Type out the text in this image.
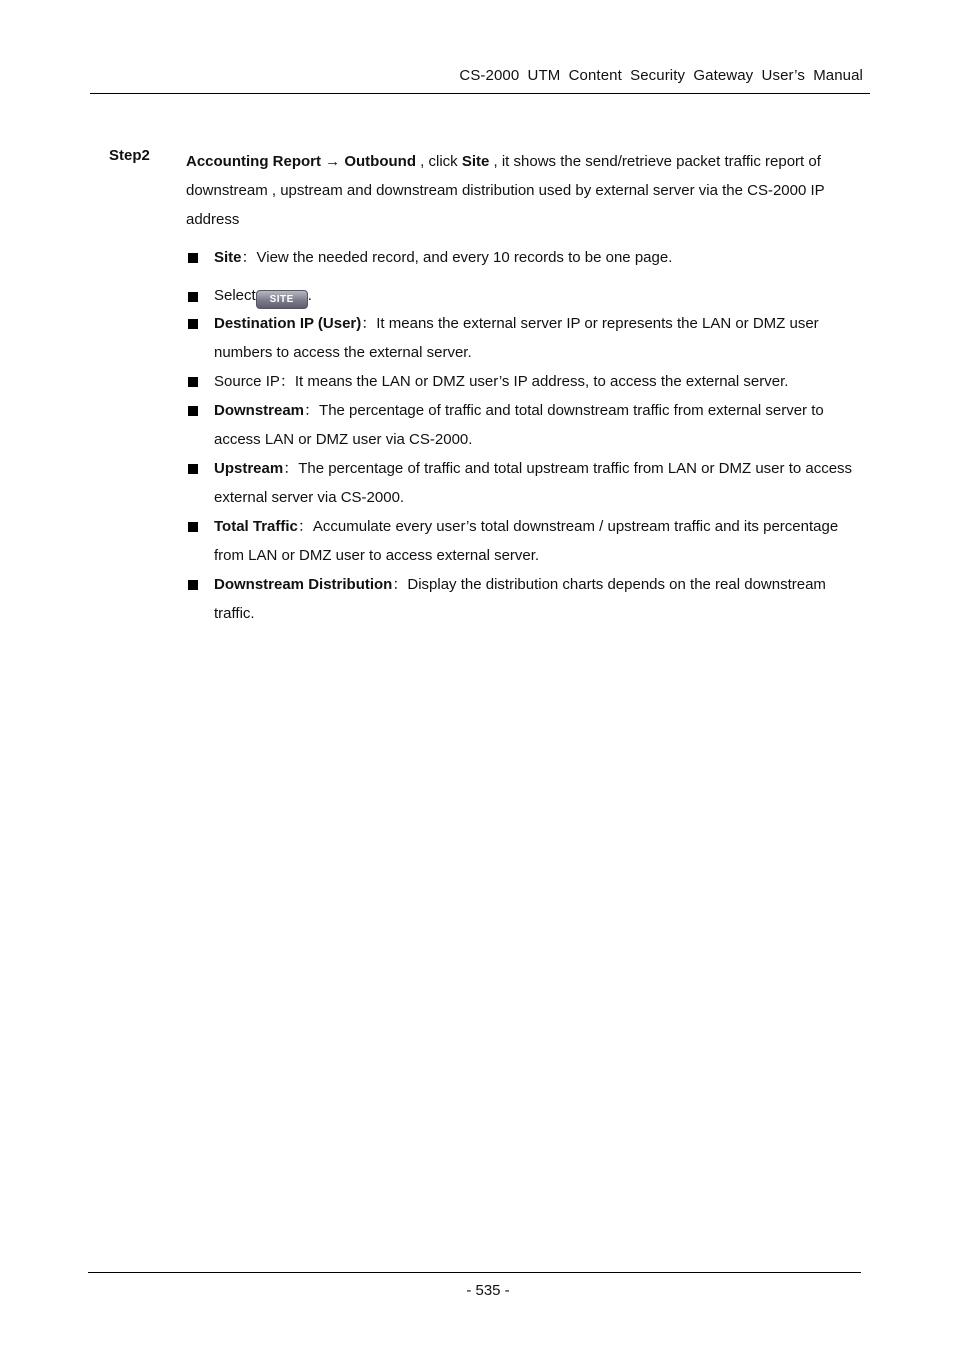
CS-2000 UTM Content Security Gateway User’s Manual
Step2 Accounting Report → Outbound , click Site , it shows the send/retrieve packet traffic report of downstream , upstream and downstream distribution used by external server via the CS-2000 IP address
Site：View the needed record, and every 10 records to be one page.
Select SITE .
Destination IP (User)：It means the external server IP or represents the LAN or DMZ user numbers to access the external server.
Source IP：It means the LAN or DMZ user’s IP address, to access the external server.
Downstream：The percentage of traffic and total downstream traffic from external server to access LAN or DMZ user via CS-2000.
Upstream：The percentage of traffic and total upstream traffic from LAN or DMZ user to access external server via CS-2000.
Total Traffic：Accumulate every user’s total downstream / upstream traffic and its percentage from LAN or DMZ user to access external server.
Downstream Distribution：Display the distribution charts depends on the real downstream traffic.
- 535 -
